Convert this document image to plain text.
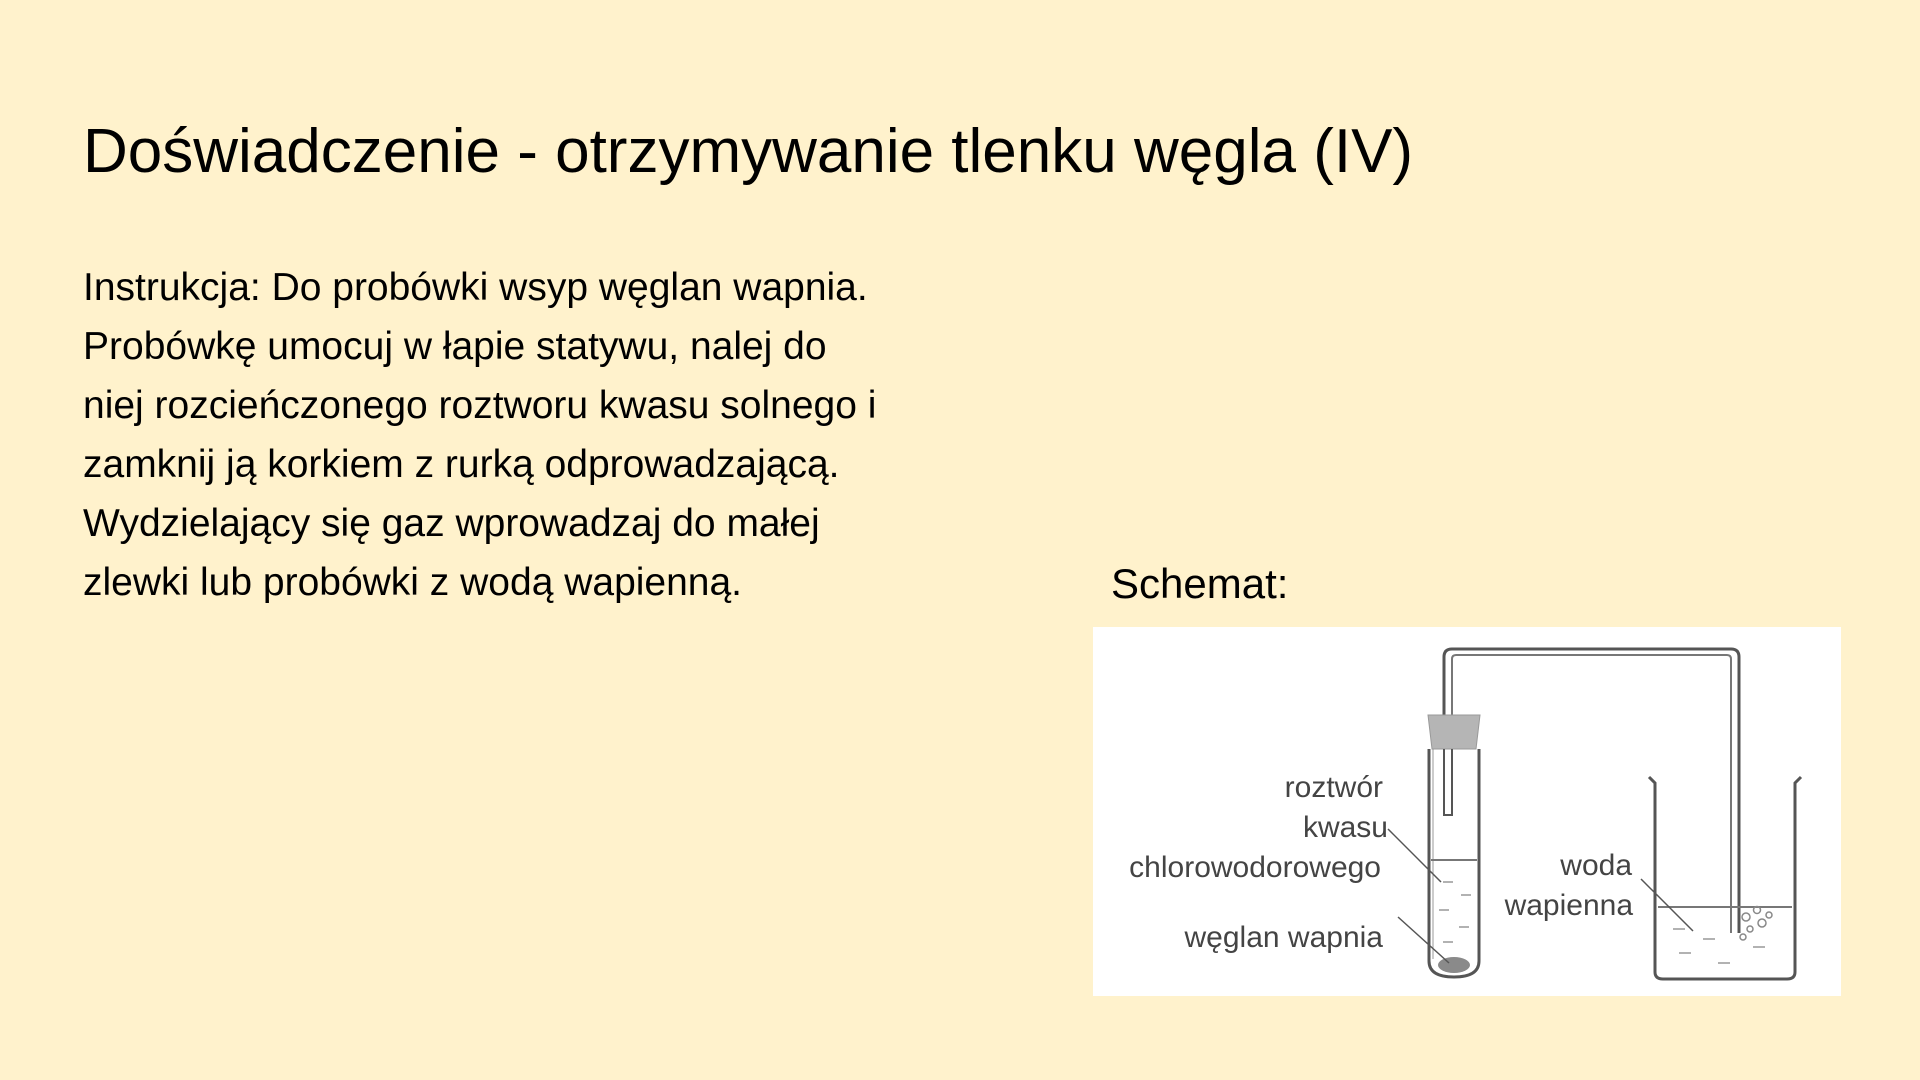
Doświadczenie - otrzymywanie tlenku węgla (IV)
Instrukcja: Do probówki wsyp węglan wapnia.
Probówkę umocuj w łapie statywu, nalej do
niej rozcieńczonego roztworu kwasu solnego i
zamknij ją korkiem z rurką odprowadzającą.
Wydzielający się gaz wprowadzaj do małej
zlewki lub probówki z wodą wapienną.	Schemat:
roztwór
kwasu
chlorowodorowego
węglan wapnia
woda
wapienna
